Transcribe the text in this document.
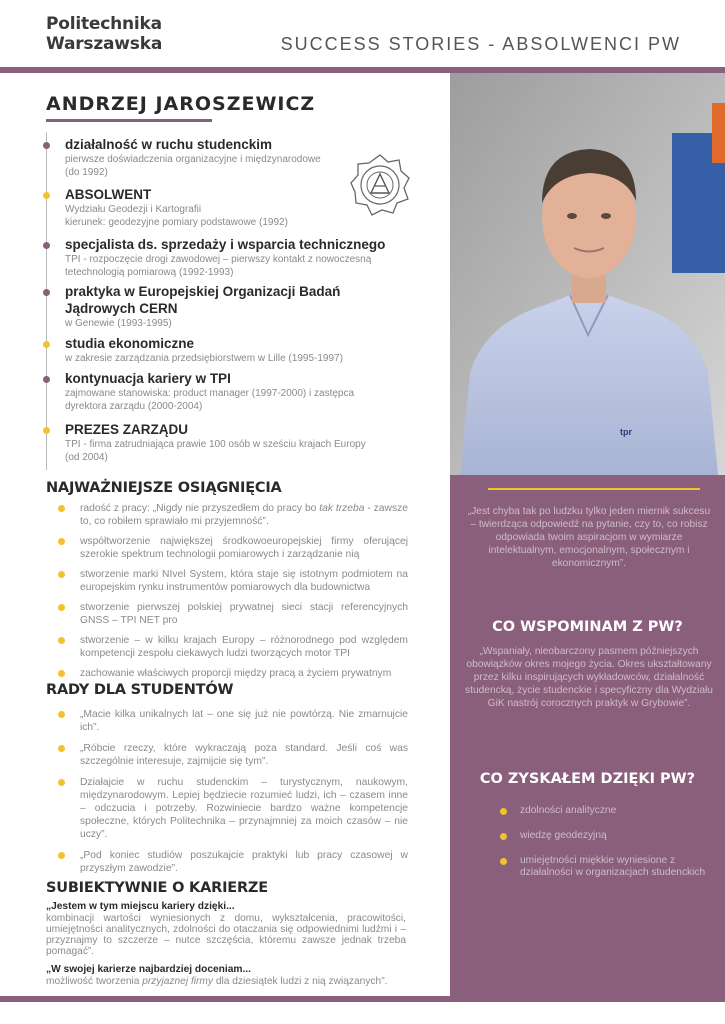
Politechnika
Warszawska	SUCCESS STORIES - ABSOLWENCI PW
ANDRZEJ JAROSZEWICZ
działalność w ruchu studenckim
pierwsze doświadczenia organizacyjne i międzynarodowe
(do 1992)
ABSOLWENT
Wydziału Geodezji i Kartografii
kierunek: geodezyjne pomiary podstawowe (1992)
specjalista ds. sprzedaży i wsparcia technicznego
TPI - rozpoczęcie drogi zawodowej – pierwszy kontakt z nowoczesną
tetechnologią pomiarową (1992-1993)
praktyka w Europejskiej Organizacji Badań Jądrowych CERN
w Genewie (1993-1995)
studia ekonomiczne
w zakresie zarządzania przedsiębiorstwem w Lille (1995-1997)
kontynuacja kariery w TPI
zajmowane stanowiska: product manager (1997-2000) i zastępca
dyrektora zarządu (2000-2004)
PREZES ZARZĄDU
TPI - firma zatrudniająca prawie 100 osób w sześciu krajach Europy
(od 2004)
tpr
NAJWAŻNIEJSZE OSIĄGNIĘCIA
radość z pracy: „Nigdy nie przyszedłem do pracy bo tak trzeba - zawsze to, co robiłem sprawiało mi przyjemność”.
współtworzenie największej środkowoeuropejskiej firmy oferującej szerokie spektrum technologii pomiarowych i zarządzanie nią
stworzenie marki NIvel System, która staje się istotnym podmiotem na europejskim rynku instrumentów pomiarowych dla budownictwa
stworzenie pierwszej polskiej prywatnej sieci stacji referencyjnych GNSS – TPI NET pro
stworzenie – w kilku krajach Europy – różnorodnego pod względem kompetencji zespołu ciekawych ludzi tworzących motor TPI
zachowanie właściwych proporcji między pracą a życiem prywatnym
RADY DLA STUDENTÓW
„Macie kilka unikalnych lat – one się już nie powtórzą. Nie zmarnujcie ich”.
„Róbcie rzeczy, które wykraczają poza standard. Jeśli coś was szczególnie interesuje, zajmijcie się tym”.
Działajcie w ruchu studenckim – turystycznym, naukowym, międzynarodowym. Lepiej będziecie rozumieć ludzi, ich – czasem inne – odczucia i potrzeby. Rozwiniecie bardzo ważne kompetencje społeczne, których Politechnika – przynajmniej za moich czasów – nie uczy”.
„Pod koniec studiów poszukajcie praktyki lub pracy czasowej w przyszłym zawodzie”.
SUBIEKTYWNIE O KARIERZE
„Jestem w tym miejscu kariery dzięki...
kombinacji wartości wyniesionych z domu, wykształcenia, pracowitości, umiejętności analitycznych, zdolności do otaczania się odpowiednimi ludźmi i – przyznajmy to szczerze – nutce szczęścia, któremu zawsze jednak trzeba pomagać”.
„W swojej karierze najbardziej doceniam...
możliwość tworzenia przyjaznej firmy dla dziesiątek ludzi z nią związanych”.
„Jest chyba tak po ludzku tylko jeden miernik sukcesu – twierdząca odpowiedź na pytanie, czy to, co robisz odpowiada twoim aspiracjom w wymiarze intelektualnym, emocjonalnym, społecznym i ekonomicznym”.
CO WSPOMINAM Z PW?
„Wspaniały, nieobarczony pasmem późniejszych obowiązków okres mojego życia. Okres ukształtowany przez kilku inspirujących wykładowców, działalność studencką, życie studenckie i specyficzny dla Wydziału GiK nastrój corocznych praktyk w Grybowie”.
CO ZYSKAŁEM DZIĘKI PW?
zdolności analityczne
wiedzę geodezyjną
umiejętności miękkie wyniesione z działalności w organizacjach studenckich
